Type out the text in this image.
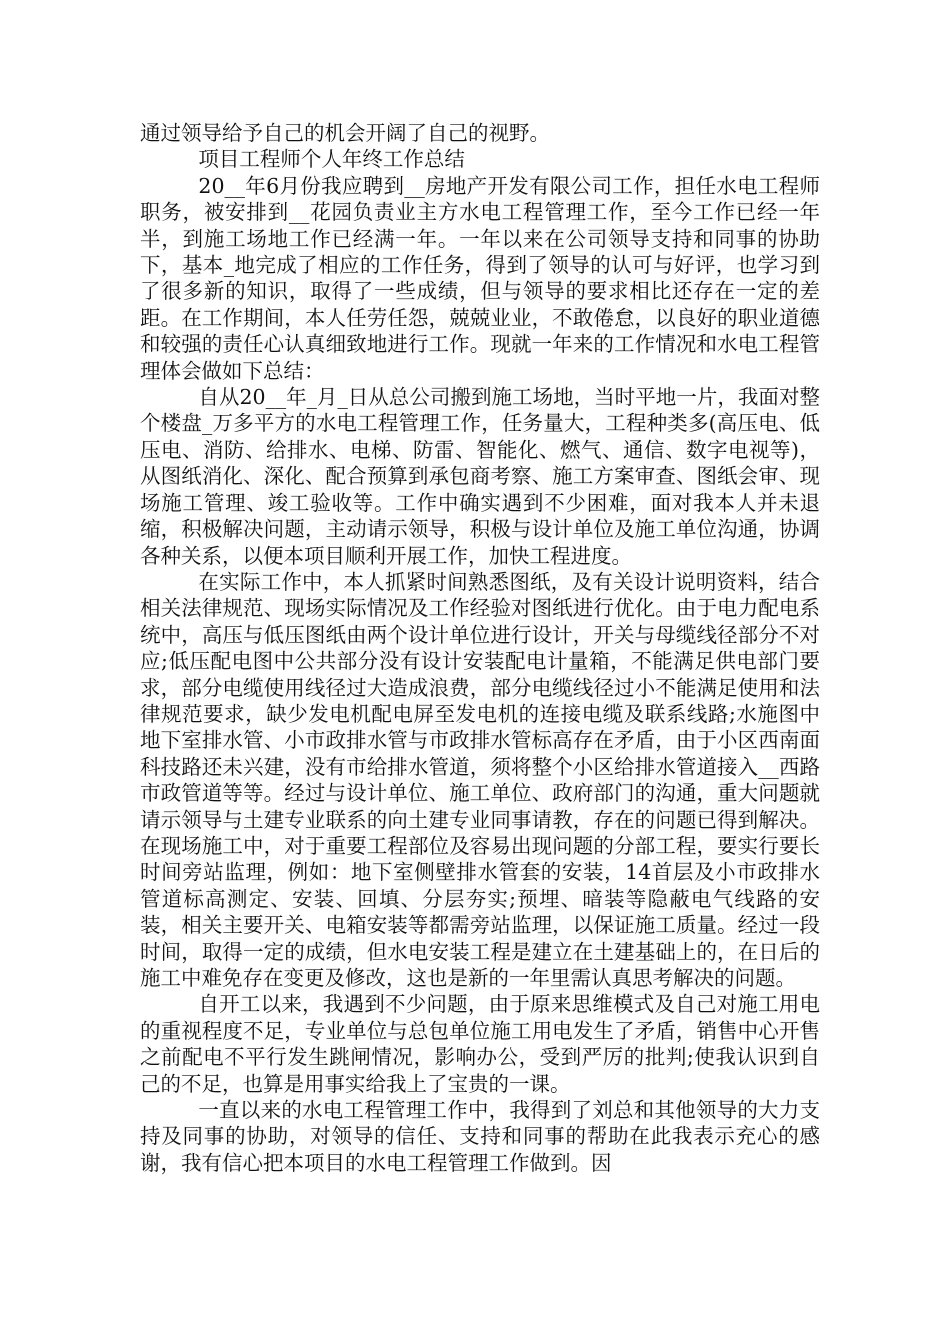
通过领导给予自己的机会开阔了自己的视野。

项目工程师个人年终工作总结

20__年6月份我应聘到__房地产开发有限公司工作，担任水电工程师职务，被安排到__花园负责业主方水电工程管理工作，至今工作已经一年半，到施工场地工作已经满一年。一年以来在公司领导支持和同事的协助下，基本_地完成了相应的工作任务，得到了领导的认可与好评，也学习到了很多新的知识，取得了一些成绩，但与领导的要求相比还存在一定的差距。在工作期间，本人任劳任怨，兢兢业业，不敢倦怠，以良好的职业道德和较强的责任心认真细致地进行工作。现就一年来的工作情况和水电工程管理体会做如下总结：

自从20__年_月_日从总公司搬到施工场地，当时平地一片，我面对整个楼盘_万多平方的水电工程管理工作，任务量大，工程种类多(高压电、低压电、消防、给排水、电梯、防雷、智能化、燃气、通信、数字电视等)，从图纸消化、深化、配合预算到承包商考察、施工方案审查、图纸会审、现场施工管理、竣工验收等。工作中确实遇到不少困难，面对我本人并未退缩，积极解决问题，主动请示领导，积极与设计单位及施工单位沟通，协调各种关系，以便本项目顺利开展工作，加快工程进度。

在实际工作中，本人抓紧时间熟悉图纸，及有关设计说明资料，结合相关法律规范、现场实际情况及工作经验对图纸进行优化。由于电力配电系统中，高压与低压图纸由两个设计单位进行设计，开关与母缆线径部分不对应;低压配电图中公共部分没有设计安装配电计量箱，不能满足供电部门要求，部分电缆使用线径过大造成浪费，部分电缆线径过小不能满足使用和法律规范要求，缺少发电机配电屏至发电机的连接电缆及联系线路;水施图中地下室排水管、小市政排水管与市政排水管标高存在矛盾，由于小区西南面科技路还未兴建，没有市给排水管道，须将整个小区给排水管道接入__西路市政管道等等。经过与设计单位、施工单位、政府部门的沟通，重大问题就请示领导与土建专业联系的向土建专业同事请教，存在的问题已得到解决。在现场施工中，对于重要工程部位及容易出现问题的分部工程，要实行要长时间旁站监理，例如：地下室侧壁排水管套的安装，14首层及小市政排水管道标高测定、安装、回填、分层夯实;预埋、暗装等隐蔽电气线路的安装，相关主要开关、电箱安装等都需旁站监理，以保证施工质量。经过一段时间，取得一定的成绩，但水电安装工程是建立在土建基础上的，在日后的施工中难免存在变更及修改，这也是新的一年里需认真思考解决的问题。

自开工以来，我遇到不少问题，由于原来思维模式及自己对施工用电的重视程度不足，专业单位与总包单位施工用电发生了矛盾，销售中心开售之前配电不平行发生跳闸情况，影响办公，受到严厉的批判;使我认识到自己的不足，也算是用事实给我上了宝贵的一课。

一直以来的水电工程管理工作中，我得到了刘总和其他领导的大力支持及同事的协助，对领导的信任、支持和同事的帮助在此我表示充心的感谢，我有信心把本项目的水电工程管理工作做到。因
